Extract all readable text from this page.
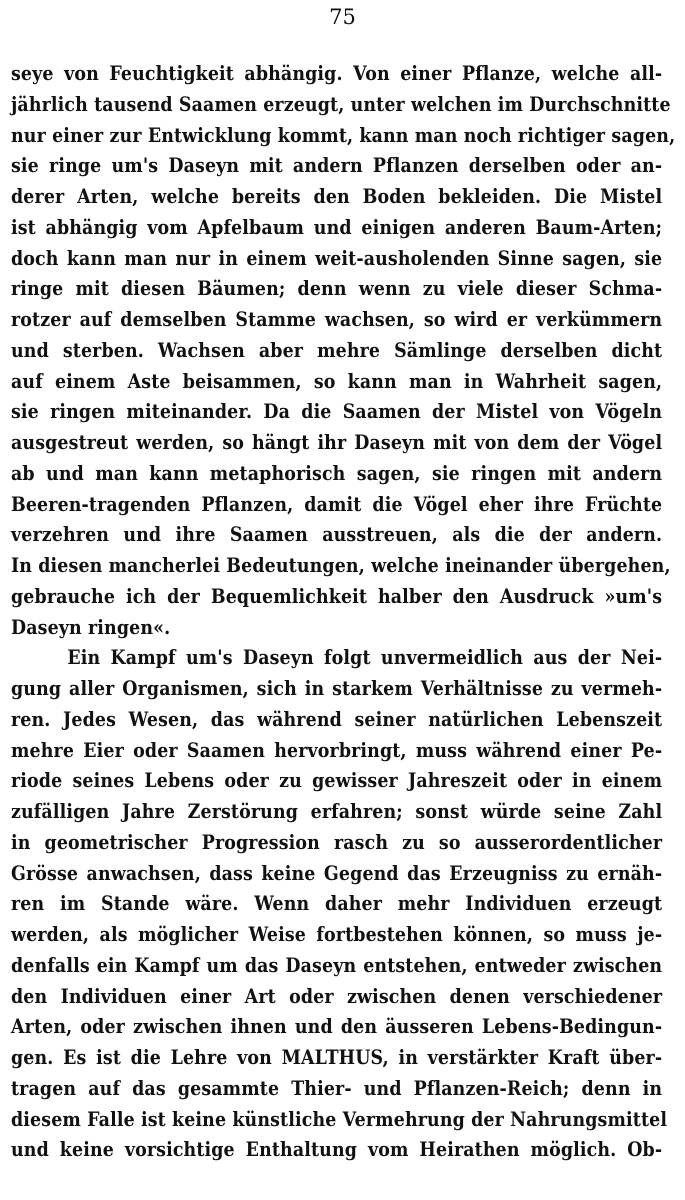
75
seye von Feuchtigkeit abhängig. Von einer Pflanze, welche all-
jährlich tausend Saamen erzeugt, unter welchen im Durchschnitte
nur einer zur Entwicklung kommt, kann man noch richtiger sagen,
sie ringe um's Daseyn mit andern Pflanzen derselben oder an-
derer Arten, welche bereits den Boden bekleiden. Die Mistel
ist abhängig vom Apfelbaum und einigen anderen Baum-Arten;
doch kann man nur in einem weit-ausholenden Sinne sagen, sie
ringe mit diesen Bäumen; denn wenn zu viele dieser Schma-
rotzer auf demselben Stamme wachsen, so wird er verkümmern
und sterben. Wachsen aber mehre Sämlinge derselben dicht
auf einem Aste beisammen, so kann man in Wahrheit sagen,
sie ringen miteinander. Da die Saamen der Mistel von Vögeln
ausgestreut werden, so hängt ihr Daseyn mit von dem der Vögel
ab und man kann metaphorisch sagen, sie ringen mit andern
Beeren-tragenden Pflanzen, damit die Vögel eher ihre Früchte
verzehren und ihre Saamen ausstreuen, als die der andern.
In diesen mancherlei Bedeutungen, welche ineinander übergehen,
gebrauche ich der Bequemlichkeit halber den Ausdruck »um's
Daseyn ringen«.
Ein Kampf um's Daseyn folgt unvermeidlich aus der Nei-
gung aller Organismen, sich in starkem Verhältnisse zu vermeh-
ren. Jedes Wesen, das während seiner natürlichen Lebenszeit
mehre Eier oder Saamen hervorbringt, muss während einer Pe-
riode seines Lebens oder zu gewisser Jahreszeit oder in einem
zufälligen Jahre Zerstörung erfahren; sonst würde seine Zahl
in geometrischer Progression rasch zu so ausserordentlicher
Grösse anwachsen, dass keine Gegend das Erzeugniss zu ernäh-
ren im Stande wäre. Wenn daher mehr Individuen erzeugt
werden, als möglicher Weise fortbestehen können, so muss je-
denfalls ein Kampf um das Daseyn entstehen, entweder zwischen
den Individuen einer Art oder zwischen denen verschiedener
Arten, oder zwischen ihnen und den äusseren Lebens-Bedingun-
gen. Es ist die Lehre von MALTHUS, in verstärkter Kraft über-
tragen auf das gesammte Thier- und Pflanzen-Reich; denn in
diesem Falle ist keine künstliche Vermehrung der Nahrungsmittel
und keine vorsichtige Enthaltung vom Heirathen möglich. Ob-
